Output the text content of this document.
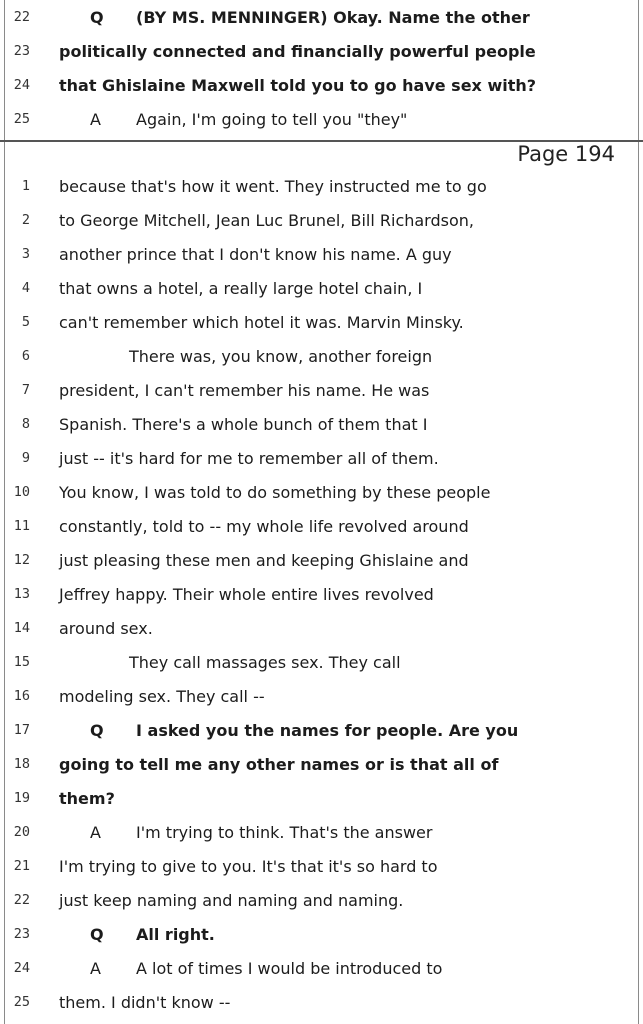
22	Q (BY MS. MENNINGER) Okay. Name the other
23 politically connected and financially powerful people
24 that Ghislaine Maxwell told you to go have sex with?
25	A Again, I'm going to tell you "they"
Page 194
1 because that's how it went. They instructed me to go
2 to George Mitchell, Jean Luc Brunel, Bill Richardson,
3 another prince that I don't know his name. A guy
4 that owns a hotel, a really large hotel chain, I
5 can't remember which hotel it was. Marvin Minsky.
6	There was, you know, another foreign
7 president, I can't remember his name. He was
8 Spanish. There's a whole bunch of them that I
9 just -- it's hard for me to remember all of them.
10 You know, I was told to do something by these people
11 constantly, told to -- my whole life revolved around
12 just pleasing these men and keeping Ghislaine and
13 Jeffrey happy. Their whole entire lives revolved
14 around sex.
15	They call massages sex. They call
16 modeling sex. They call --
17	Q I asked you the names for people. Are you
18 going to tell me any other names or is that all of
19 them?
20	A I'm trying to think. That's the answer
21 I'm trying to give to you. It's that it's so hard to
22 just keep naming and naming and naming.
23	Q All right.
24	A A lot of times I would be introduced to
25 them. I didn't know --
